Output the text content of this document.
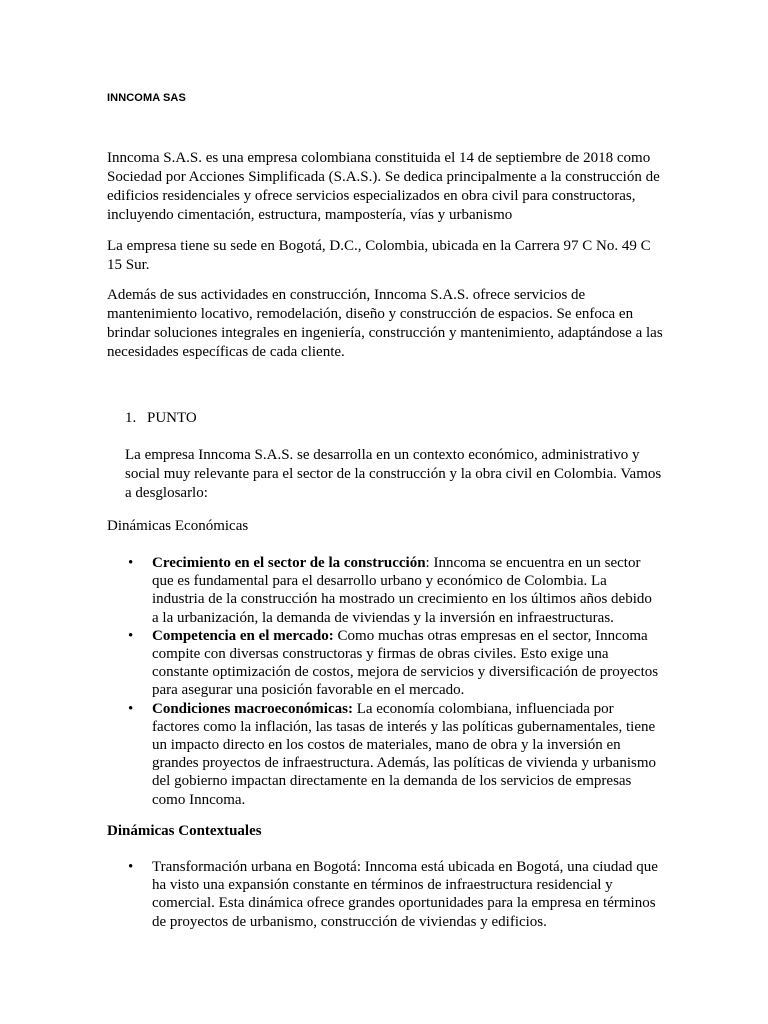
INNCOMA SAS
Inncoma S.A.S. es una empresa colombiana constituida el 14 de septiembre de 2018 como Sociedad por Acciones Simplificada (S.A.S.). Se dedica principalmente a la construcción de edificios residenciales y ofrece servicios especializados en obra civil para constructoras, incluyendo cimentación, estructura, mampostería, vías y urbanismo
La empresa tiene su sede en Bogotá, D.C., Colombia, ubicada en la Carrera 97 C No. 49 C 15 Sur.
Además de sus actividades en construcción, Inncoma S.A.S. ofrece servicios de mantenimiento locativo, remodelación, diseño y construcción de espacios. Se enfoca en brindar soluciones integrales en ingeniería, construcción y mantenimiento, adaptándose a las necesidades específicas de cada cliente.
1. PUNTO
La empresa Inncoma S.A.S. se desarrolla en un contexto económico, administrativo y social muy relevante para el sector de la construcción y la obra civil en Colombia. Vamos a desglosarlo:
Dinámicas Económicas
• Crecimiento en el sector de la construcción: Inncoma se encuentra en un sector que es fundamental para el desarrollo urbano y económico de Colombia. La industria de la construcción ha mostrado un crecimiento en los últimos años debido a la urbanización, la demanda de viviendas y la inversión en infraestructuras.
• Competencia en el mercado: Como muchas otras empresas en el sector, Inncoma compite con diversas constructoras y firmas de obras civiles. Esto exige una constante optimización de costos, mejora de servicios y diversificación de proyectos para asegurar una posición favorable en el mercado.
• Condiciones macroeconómicas: La economía colombiana, influenciada por factores como la inflación, las tasas de interés y las políticas gubernamentales, tiene un impacto directo en los costos de materiales, mano de obra y la inversión en grandes proyectos de infraestructura. Además, las políticas de vivienda y urbanismo del gobierno impactan directamente en la demanda de los servicios de empresas como Inncoma.
Dinámicas Contextuales
• Transformación urbana en Bogotá: Inncoma está ubicada en Bogotá, una ciudad que ha visto una expansión constante en términos de infraestructura residencial y comercial. Esta dinámica ofrece grandes oportunidades para la empresa en términos de proyectos de urbanismo, construcción de viviendas y edificios.
